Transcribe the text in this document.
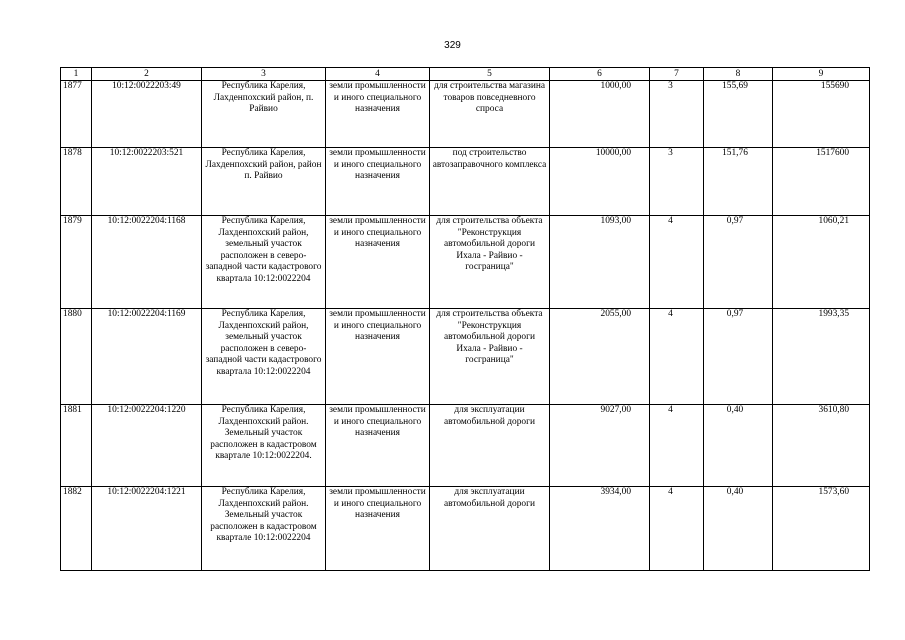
329
1	2	3	4	5	6	7	8	9
1877	10:12:0022203:49	Республика Карелия, Лахденпохский район, п. Райвио	земли промышленности и иного специального назначения	для строительства магазина товаров повседневного спроса	1000,00	3	155,69	155690
1878	10:12:0022203:521	Республика Карелия, Лахденпохский район, район п. Райвио	земли промышленности и иного специального назначения	под строительство автозаправочного комплекса	10000,00	3	151,76	1517600
1879	10:12:0022204:1168	Республика Карелия, Лахденпохский район, земельный участок расположен в северо-западной части кадастрового квартала 10:12:0022204	земли промышленности и иного специального назначения	для строительства объекта "Реконструкция автомобильной дороги Ихала - Райвио - госграница"	1093,00	4	0,97	1060,21
1880	10:12:0022204:1169	Республика Карелия, Лахденпохский район, земельный участок расположен в северо-западной части кадастрового квартала 10:12:0022204	земли промышленности и иного специального назначения	для строительства объекта "Реконструкция автомобильной дороги Ихала - Райвио - госграница"	2055,00	4	0,97	1993,35
1881	10:12:0022204:1220	Республика Карелия, Лахденпохский район. Земельный участок расположен в кадастровом квартале 10:12:0022204.	земли промышленности и иного специального назначения	для эксплуатации автомобильной дороги	9027,00	4	0,40	3610,80
1882	10:12:0022204:1221	Республика Карелия, Лахденпохский район. Земельный участок расположен в кадастровом квартале 10:12:0022204	земли промышленности и иного специального назначения	для эксплуатации автомобильной дороги	3934,00	4	0,40	1573,60
